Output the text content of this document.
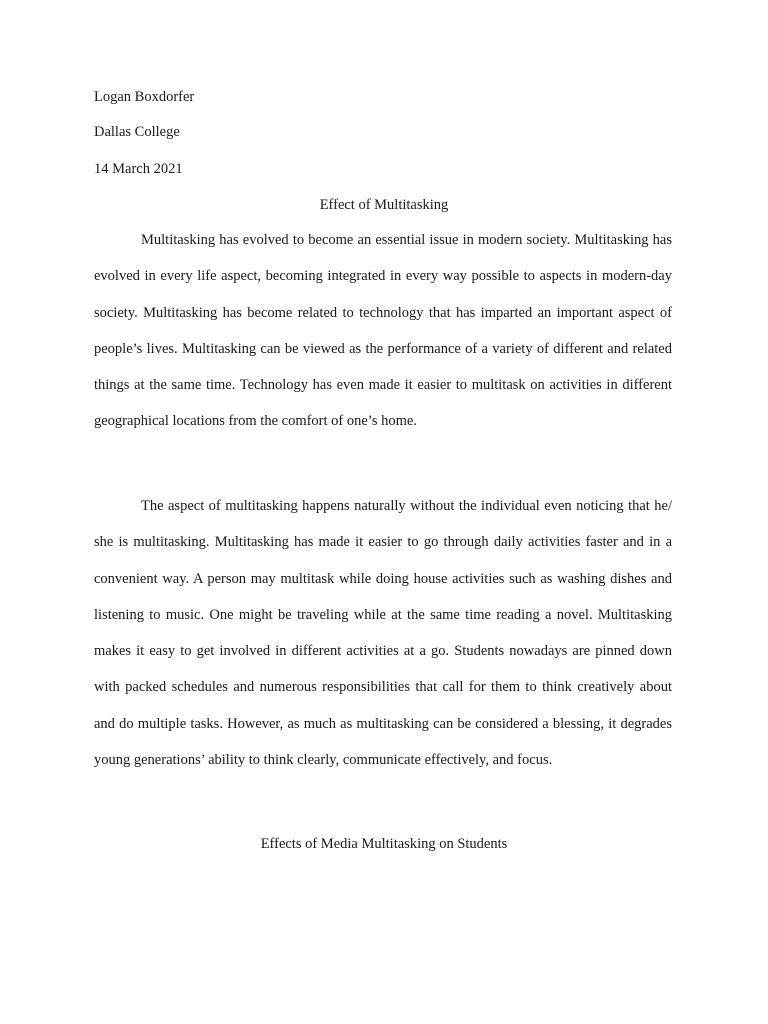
Logan Boxdorfer
Dallas College
14 March 2021
Effect of Multitasking

Multitasking has evolved to become an essential issue in modern society. Multitasking has evolved in every life aspect, becoming integrated in every way possible to aspects in modern-day society. Multitasking has become related to technology that has imparted an important aspect of people’s lives. Multitasking can be viewed as the performance of a variety of different and related things at the same time. Technology has even made it easier to multitask on activities in different geographical locations from the comfort of one’s home.

The aspect of multitasking happens naturally without the individual even noticing that he/ she is multitasking. Multitasking has made it easier to go through daily activities faster and in a convenient way. A person may multitask while doing house activities such as washing dishes and listening to music. One might be traveling while at the same time reading a novel. Multitasking makes it easy to get involved in different activities at a go. Students nowadays are pinned down with packed schedules and numerous responsibilities that call for them to think creatively about and do multiple tasks. However, as much as multitasking can be considered a blessing, it degrades young generations’ ability to think clearly, communicate effectively, and focus.

Effects of Media Multitasking on Students
